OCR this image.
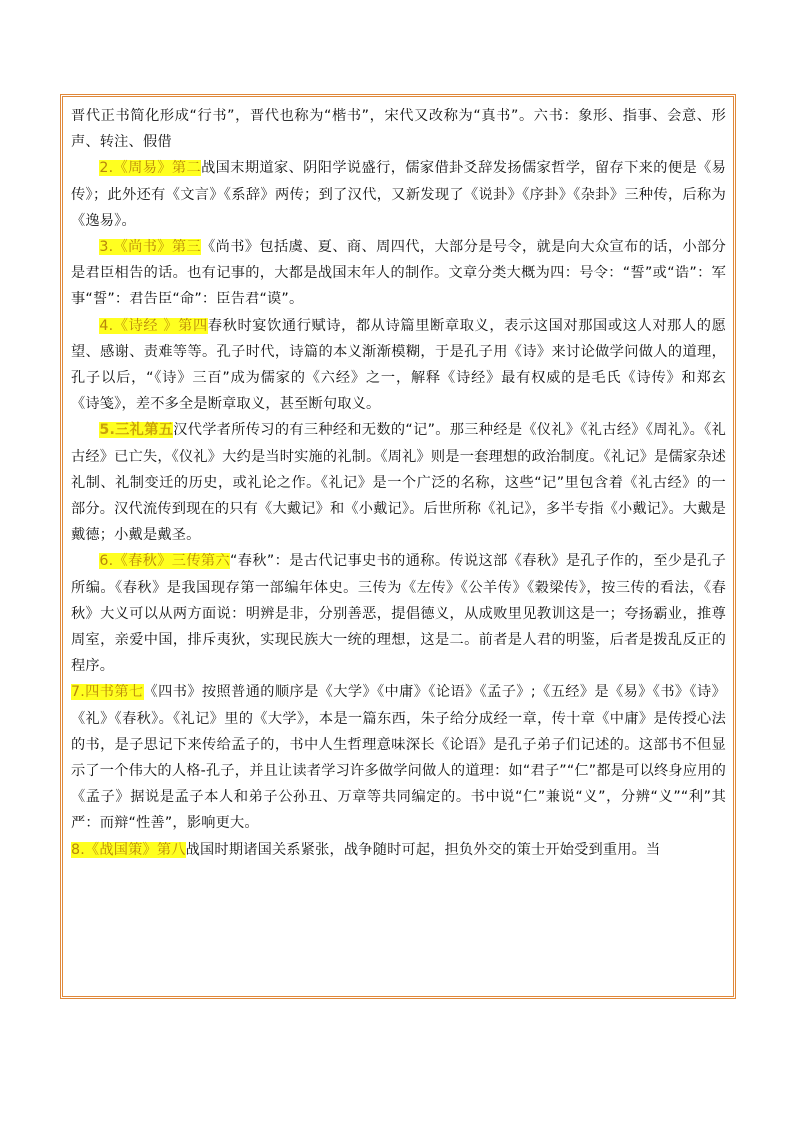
晋代正书简化形成“行书”，晋代也称为“楷书”，宋代又改称为“真书”。六书：象形、指事、会意、形声、转注、假借

2.《周易》第二战国末期道家、阴阳学说盛行，儒家借卦爻辞发扬儒家哲学，留存下来的便是《易传》；此外还有《文言》《系辞》两传；到了汉代，又新发现了《说卦》《序卦》《杂卦》三种传，后称为《逸易》。

3.《尚书》第三《尚书》包括虞、夏、商、周四代，大部分是号令，就是向大众宣布的话，小部分是君臣相告的话。也有记事的，大都是战国末年人的制作。文章分类大概为四：号令：“誓”或“诰”：军事“誓”：君告臣“命”：臣告君“谟”。

4.《诗经 》第四春秋时宴饮通行赋诗，都从诗篇里断章取义，表示这国对那国或这人对那人的愿望、感谢、责难等等。孔子时代，诗篇的本义渐渐模糊，于是孔子用《诗》来讨论做学问做人的道理，孔子以后，“《诗》三百”成为儒家的《六经》之一，解释《诗经》最有权威的是毛氏《诗传》和郑玄《诗笺》，差不多全是断章取义，甚至断句取义。

5.三礼第五汉代学者所传习的有三种经和无数的“记”。那三种经是《仪礼》《礼古经》《周礼》。《礼古经》已亡失，《仪礼》大约是当时实施的礼制。《周礼》则是一套理想的政治制度。《礼记》是儒家杂述礼制、礼制变迁的历史，或礼论之作。《礼记》是一个广泛的名称，这些“记”里包含着《礼古经》的一部分。汉代流传到现在的只有《大戴记》和《小戴记》。后世所称《礼记》，多半专指《小戴记》。大戴是戴德；小戴是戴圣。

6.《春秋》三传第六“春秋”：是古代记事史书的通称。传说这部《春秋》是孔子作的，至少是孔子所编。《春秋》是我国现存第一部编年体史。三传为《左传》《公羊传》《穀梁传》，按三传的看法，《春秋》大义可以从两方面说：明辨是非，分别善恶，提倡德义，从成败里见教训这是一；夸扬霸业，推尊周室，亲爱中国，排斥夷狄，实现民族大一统的理想，这是二。前者是人君的明鉴，后者是拨乱反正的程序。

7.四书第七《四书》按照普通的顺序是《大学》《中庸》《论语》《孟子》;《五经》是《易》《书》《诗》《礼》《春秋》。《礼记》里的《大学》，本是一篇东西，朱子给分成经一章，传十章《中庸》是传授心法的书，是子思记下来传给孟子的，书中人生哲理意味深长《论语》是孔子弟子们记述的。这部书不但显示了一个伟大的人格-孔子，并且让读者学习许多做学问做人的道理：如“君子”“仁”都是可以终身应用的《孟子》据说是孟子本人和弟子公孙丑、万章等共同编定的。书中说“仁”兼说“义”，分辨“义”“利”其严：而辩“性善”，影响更大。

8.《战国策》第八战国时期诸国关系紧张，战争随时可起，担负外交的策士开始受到重用。当
